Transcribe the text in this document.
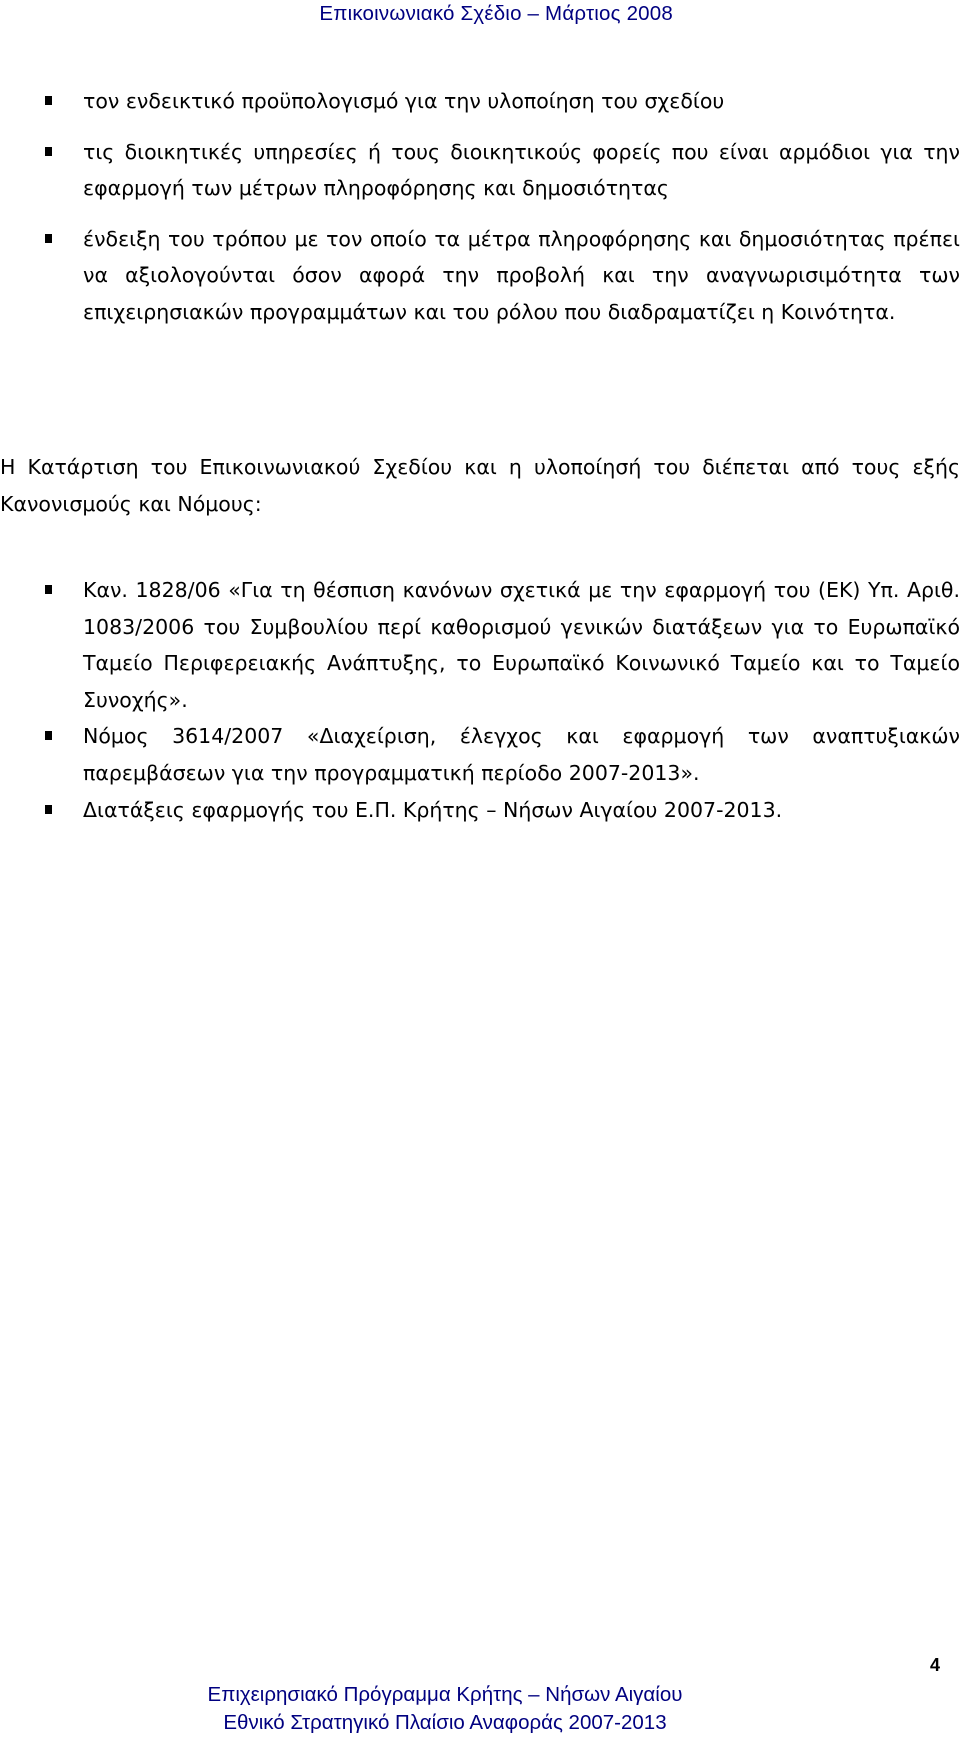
Επικοινωνιακό Σχέδιο – Μάρτιος 2008
τον ενδεικτικό προϋπολογισμό για την υλοποίηση του σχεδίου
τις διοικητικές υπηρεσίες ή τους διοικητικούς φορείς που είναι αρμόδιοι για την εφαρμογή των μέτρων πληροφόρησης και δημοσιότητας
ένδειξη του τρόπου με τον οποίο τα μέτρα πληροφόρησης και δημοσιότητας πρέπει να αξιολογούνται όσον αφορά την προβολή και την αναγνωρισιμότητα των επιχειρησιακών προγραμμάτων και του ρόλου που διαδραματίζει η Κοινότητα.

Η Κατάρτιση του Επικοινωνιακού Σχεδίου και η υλοποίησή του διέπεται από τους εξής Κανονισμούς και Νόμους:

Καν. 1828/06 «Για τη θέσπιση κανόνων σχετικά με την εφαρμογή του (ΕΚ) Υπ. Αριθ. 1083/2006 του Συμβουλίου περί καθορισμού γενικών διατάξεων για το Ευρωπαϊκό Ταμείο Περιφερειακής Ανάπτυξης, το Ευρωπαϊκό Κοινωνικό Ταμείο και το Ταμείο Συνοχής».
Νόμος 3614/2007 «Διαχείριση, έλεγχος και εφαρμογή των αναπτυξιακών παρεμβάσεων για την προγραμματική περίοδο 2007-2013».
Διατάξεις εφαρμογής του Ε.Π. Κρήτης – Νήσων Αιγαίου 2007-2013.
4
Επιχειρησιακό Πρόγραμμα Κρήτης – Νήσων Αιγαίου
Εθνικό Στρατηγικό Πλαίσιο Αναφοράς 2007-2013
